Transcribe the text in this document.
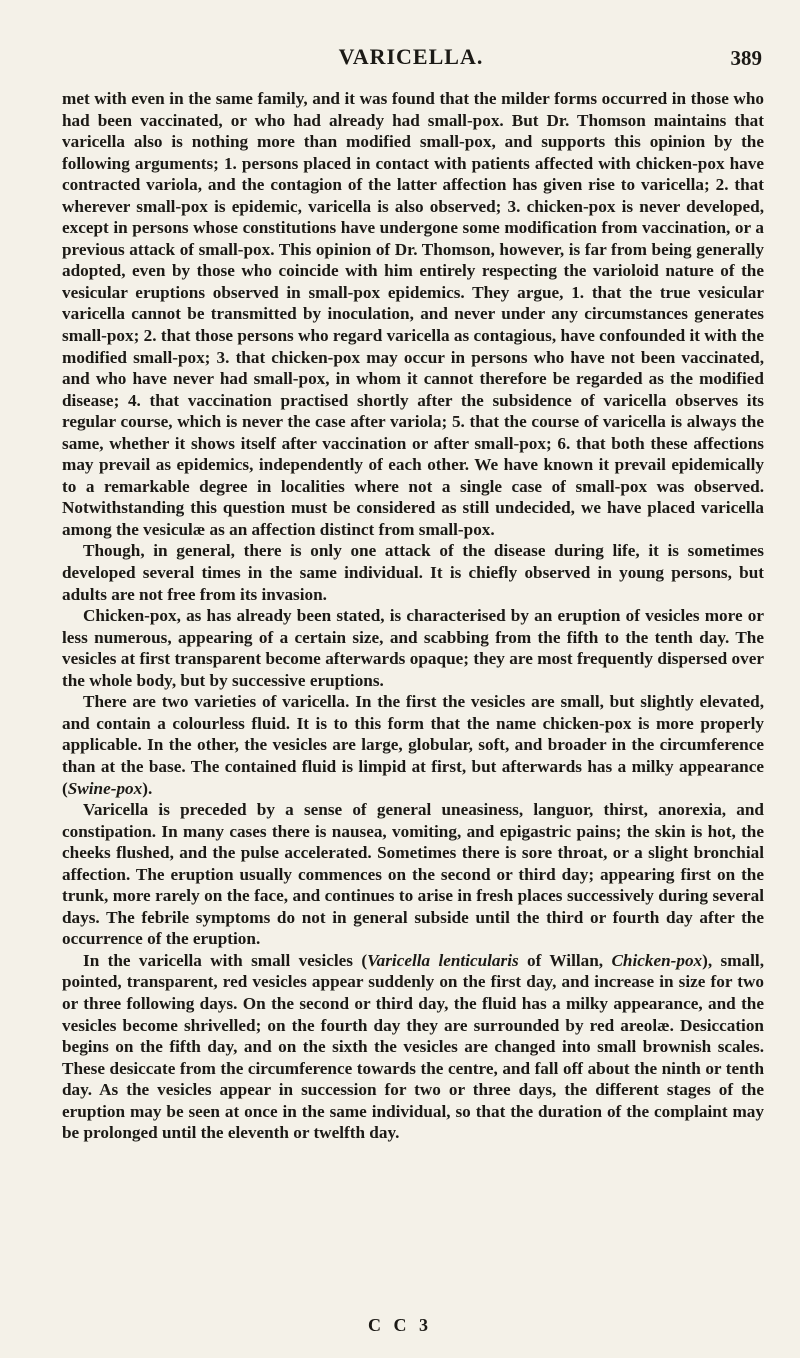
VARICELLA.	389

met with even in the same family, and it was found that the milder forms occurred in those who had been vaccinated, or who had already had small-pox. But Dr. Thomson maintains that varicella also is nothing more than modified small-pox, and supports this opinion by the following arguments; 1. persons placed in contact with patients affected with chicken-pox have contracted variola, and the contagion of the latter affection has given rise to varicella; 2. that wherever small-pox is epidemic, varicella is also observed; 3. chicken-pox is never developed, except in persons whose constitutions have undergone some modification from vaccination, or a previous attack of small-pox. This opinion of Dr. Thomson, however, is far from being generally adopted, even by those who coincide with him entirely respecting the varioloid nature of the vesicular eruptions observed in small-pox epidemics. They argue, 1. that the true vesicular varicella cannot be transmitted by inoculation, and never under any circumstances generates small-pox; 2. that those persons who regard varicella as contagious, have confounded it with the modified small-pox; 3. that chicken-pox may occur in persons who have not been vaccinated, and who have never had small-pox, in whom it cannot therefore be regarded as the modified disease; 4. that vaccination practised shortly after the subsidence of varicella observes its regular course, which is never the case after variola; 5. that the course of varicella is always the same, whether it shows itself after vaccination or after small-pox; 6. that both these affections may prevail as epidemics, independently of each other. We have known it prevail epidemically to a remarkable degree in localities where not a single case of small-pox was observed. Notwithstanding this question must be considered as still undecided, we have placed varicella among the vesiculæ as an affection distinct from small-pox.

Though, in general, there is only one attack of the disease during life, it is sometimes developed several times in the same individual. It is chiefly observed in young persons, but adults are not free from its invasion.

Chicken-pox, as has already been stated, is characterised by an eruption of vesicles more or less numerous, appearing of a certain size, and scabbing from the fifth to the tenth day. The vesicles at first transparent become afterwards opaque; they are most frequently dispersed over the whole body, but by successive eruptions.

There are two varieties of varicella. In the first the vesicles are small, but slightly elevated, and contain a colourless fluid. It is to this form that the name chicken-pox is more properly applicable. In the other, the vesicles are large, globular, soft, and broader in the circumference than at the base. The contained fluid is limpid at first, but afterwards has a milky appearance (Swine-pox).

Varicella is preceded by a sense of general uneasiness, languor, thirst, anorexia, and constipation. In many cases there is nausea, vomiting, and epigastric pains; the skin is hot, the cheeks flushed, and the pulse accelerated. Sometimes there is sore throat, or a slight bronchial affection. The eruption usually commences on the second or third day; appearing first on the trunk, more rarely on the face, and continues to arise in fresh places successively during several days. The febrile symptoms do not in general subside until the third or fourth day after the occurrence of the eruption.

In the varicella with small vesicles (Varicella lenticularis of Willan, Chicken-pox), small, pointed, transparent, red vesicles appear suddenly on the first day, and increase in size for two or three following days. On the second or third day, the fluid has a milky appearance, and the vesicles become shrivelled; on the fourth day they are surrounded by red areolæ. Desiccation begins on the fifth day, and on the sixth the vesicles are changed into small brownish scales. These desiccate from the circumference towards the centre, and fall off about the ninth or tenth day. As the vesicles appear in succession for two or three days, the different stages of the eruption may be seen at once in the same individual, so that the duration of the complaint may be prolonged until the eleventh or twelfth day.

C C 3
